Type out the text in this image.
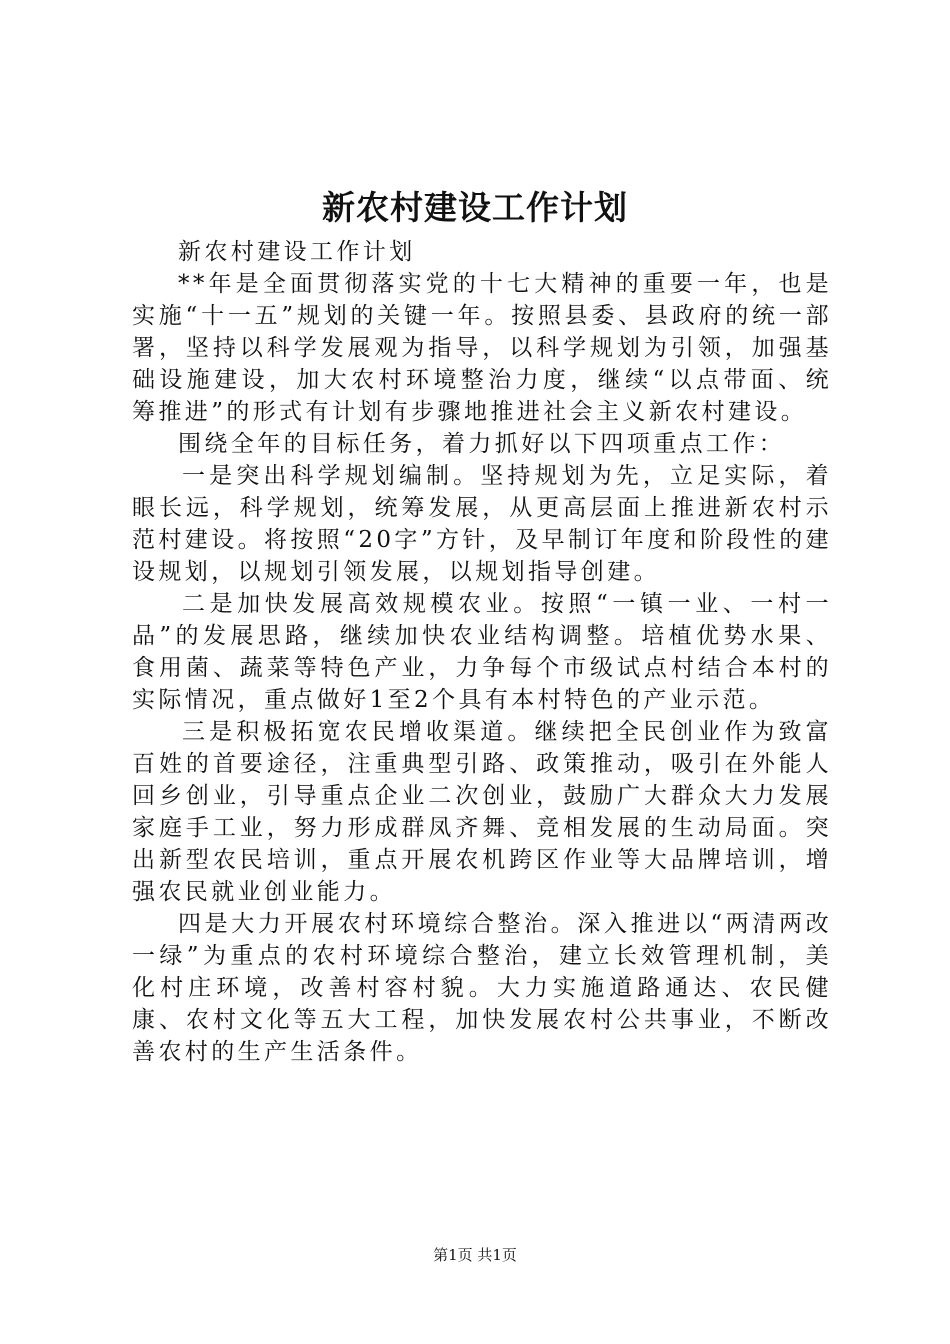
新农村建设工作计划

新农村建设工作计划

**年是全面贯彻落实党的十七大精神的重要一年，也是实施“十一五”规划的关键一年。按照县委、县政府的统一部署，坚持以科学发展观为指导，以科学规划为引领，加强基础设施建设，加大农村环境整治力度，继续“以点带面、统筹推进”的形式有计划有步骤地推进社会主义新农村建设。

围绕全年的目标任务，着力抓好以下四项重点工作：

一是突出科学规划编制。坚持规划为先，立足实际，着眼长远，科学规划，统筹发展，从更高层面上推进新农村示范村建设。将按照“20字”方针，及早制订年度和阶段性的建设规划，以规划引领发展，以规划指导创建。

二是加快发展高效规模农业。按照“一镇一业、一村一品”的发展思路，继续加快农业结构调整。培植优势水果、食用菌、蔬菜等特色产业，力争每个市级试点村结合本村的实际情况，重点做好1至2个具有本村特色的产业示范。

三是积极拓宽农民增收渠道。继续把全民创业作为致富百姓的首要途径，注重典型引路、政策推动，吸引在外能人回乡创业，引导重点企业二次创业，鼓励广大群众大力发展家庭手工业，努力形成群凤齐舞、竞相发展的生动局面。突出新型农民培训，重点开展农机跨区作业等大品牌培训，增强农民就业创业能力。

四是大力开展农村环境综合整治。深入推进以“两清两改一绿”为重点的农村环境综合整治，建立长效管理机制，美化村庄环境，改善村容村貌。大力实施道路通达、农民健康、农村文化等五大工程，加快发展农村公共事业，不断改善农村的生产生活条件。

第1页 共1页
